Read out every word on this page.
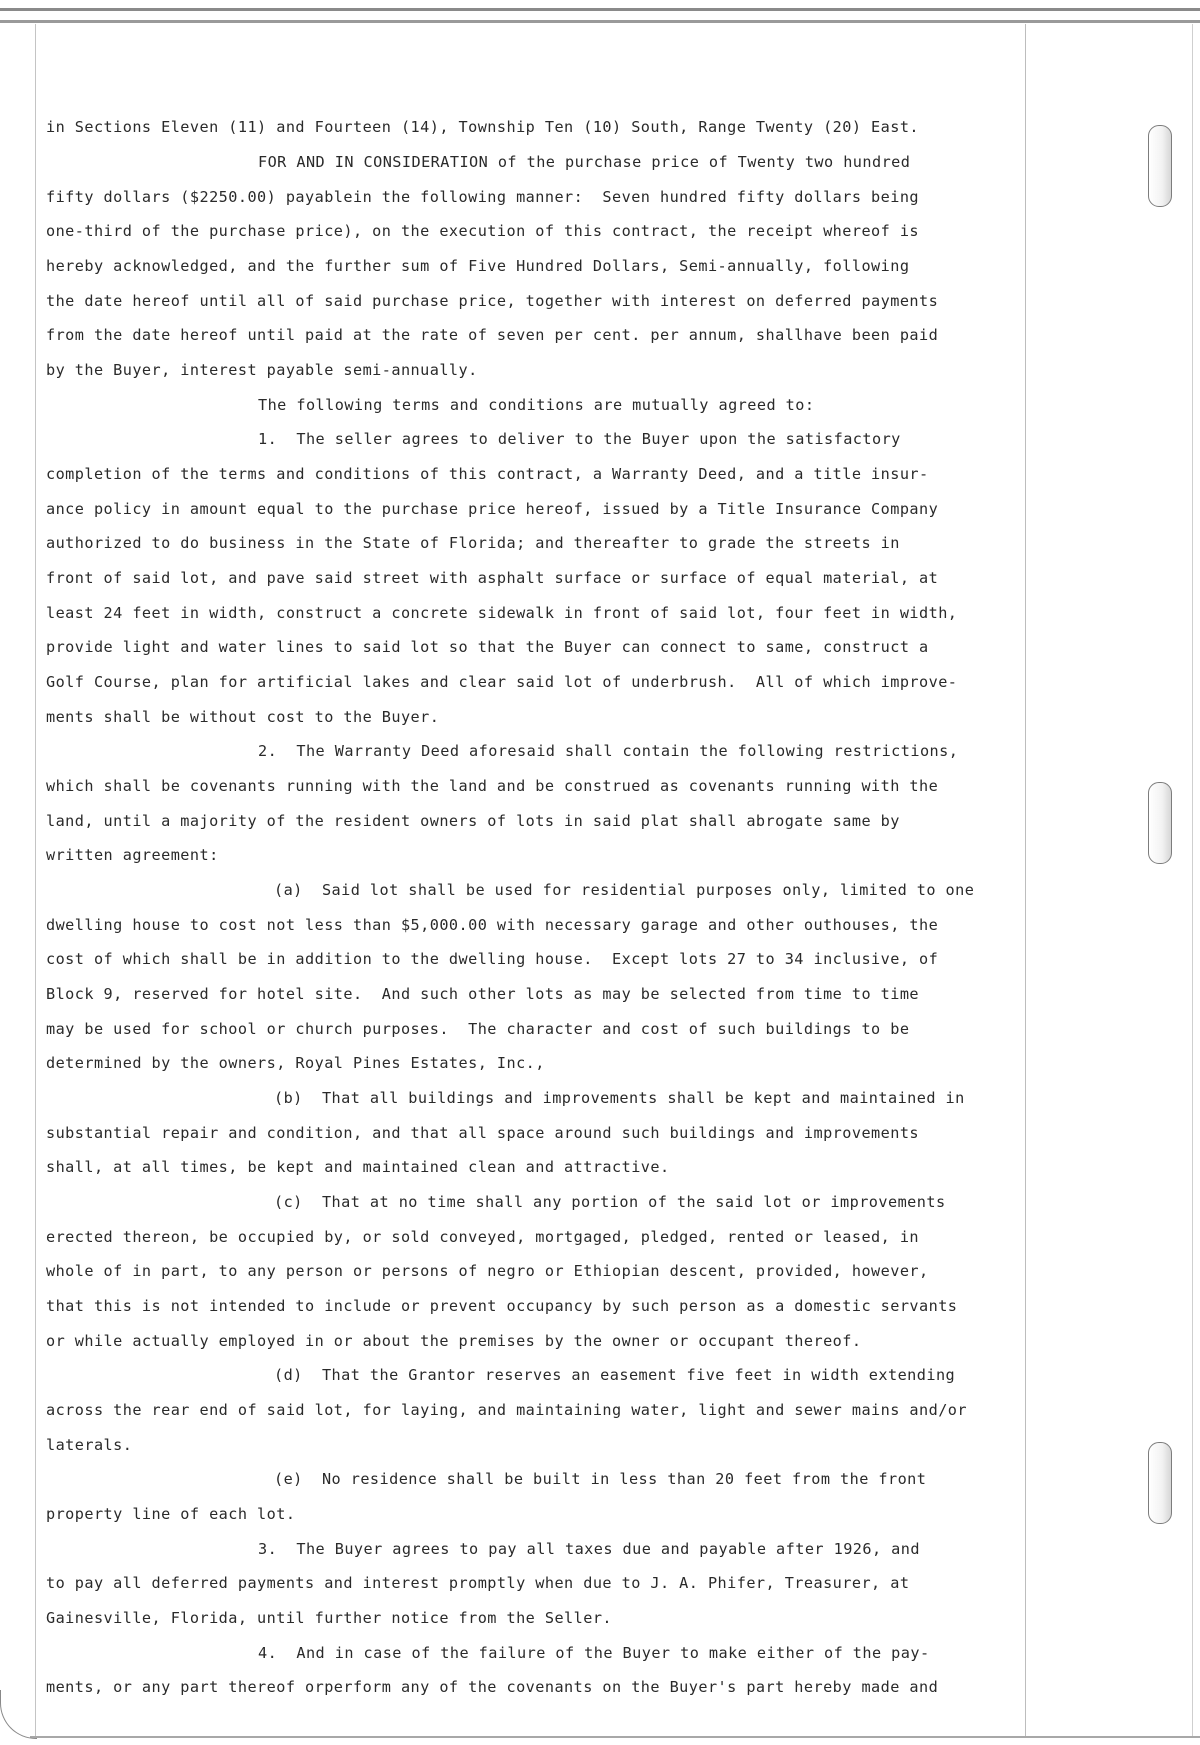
in Sections Eleven (11) and Fourteen (14), Township Ten (10) South, Range Twenty (20) East.
FOR AND IN CONSIDERATION of the purchase price of Twenty two hundred
fifty dollars ($2250.00) payablein the following manner:  Seven hundred fifty dollars being
one-third of the purchase price), on the execution of this contract, the receipt whereof is
hereby acknowledged, and the further sum of Five Hundred Dollars, Semi-annually, following
the date hereof until all of said purchase price, together with interest on deferred payments
from the date hereof until paid at the rate of seven per cent. per annum, shallhave been paid
by the Buyer, interest payable semi-annually.
The following terms and conditions are mutually agreed to:
1.  The seller agrees to deliver to the Buyer upon the satisfactory
completion of the terms and conditions of this contract, a Warranty Deed, and a title insur-
ance policy in amount equal to the purchase price hereof, issued by a Title Insurance Company
authorized to do business in the State of Florida; and thereafter to grade the streets in
front of said lot, and pave said street with asphalt surface or surface of equal material, at
least 24 feet in width, construct a concrete sidewalk in front of said lot, four feet in width,
provide light and water lines to said lot so that the Buyer can connect to same, construct a
Golf Course, plan for artificial lakes and clear said lot of underbrush.  All of which improve-
ments shall be without cost to the Buyer.
2.  The Warranty Deed aforesaid shall contain the following restrictions,
which shall be covenants running with the land and be construed as covenants running with the
land, until a majority of the resident owners of lots in said plat shall abrogate same by
written agreement:
(a)  Said lot shall be used for residential purposes only, limited to one
dwelling house to cost not less than $5,000.00 with necessary garage and other outhouses, the
cost of which shall be in addition to the dwelling house.  Except lots 27 to 34 inclusive, of
Block 9, reserved for hotel site.  And such other lots as may be selected from time to time
may be used for school or church purposes.  The character and cost of such buildings to be
determined by the owners, Royal Pines Estates, Inc.,
(b)  That all buildings and improvements shall be kept and maintained in
substantial repair and condition, and that all space around such buildings and improvements
shall, at all times, be kept and maintained clean and attractive.
(c)  That at no time shall any portion of the said lot or improvements
erected thereon, be occupied by, or sold conveyed, mortgaged, pledged, rented or leased, in
whole of in part, to any person or persons of negro or Ethiopian descent, provided, however,
that this is not intended to include or prevent occupancy by such person as a domestic servants
or while actually employed in or about the premises by the owner or occupant thereof.
(d)  That the Grantor reserves an easement five feet in width extending
across the rear end of said lot, for laying, and maintaining water, light and sewer mains and/or
laterals.
(e)  No residence shall be built in less than 20 feet from the front
property line of each lot.
3.  The Buyer agrees to pay all taxes due and payable after 1926, and
to pay all deferred payments and interest promptly when due to J. A. Phifer, Treasurer, at
Gainesville, Florida, until further notice from the Seller.
4.  And in case of the failure of the Buyer to make either of the pay-
ments, or any part thereof orperform any of the covenants on the Buyer's part hereby made and
